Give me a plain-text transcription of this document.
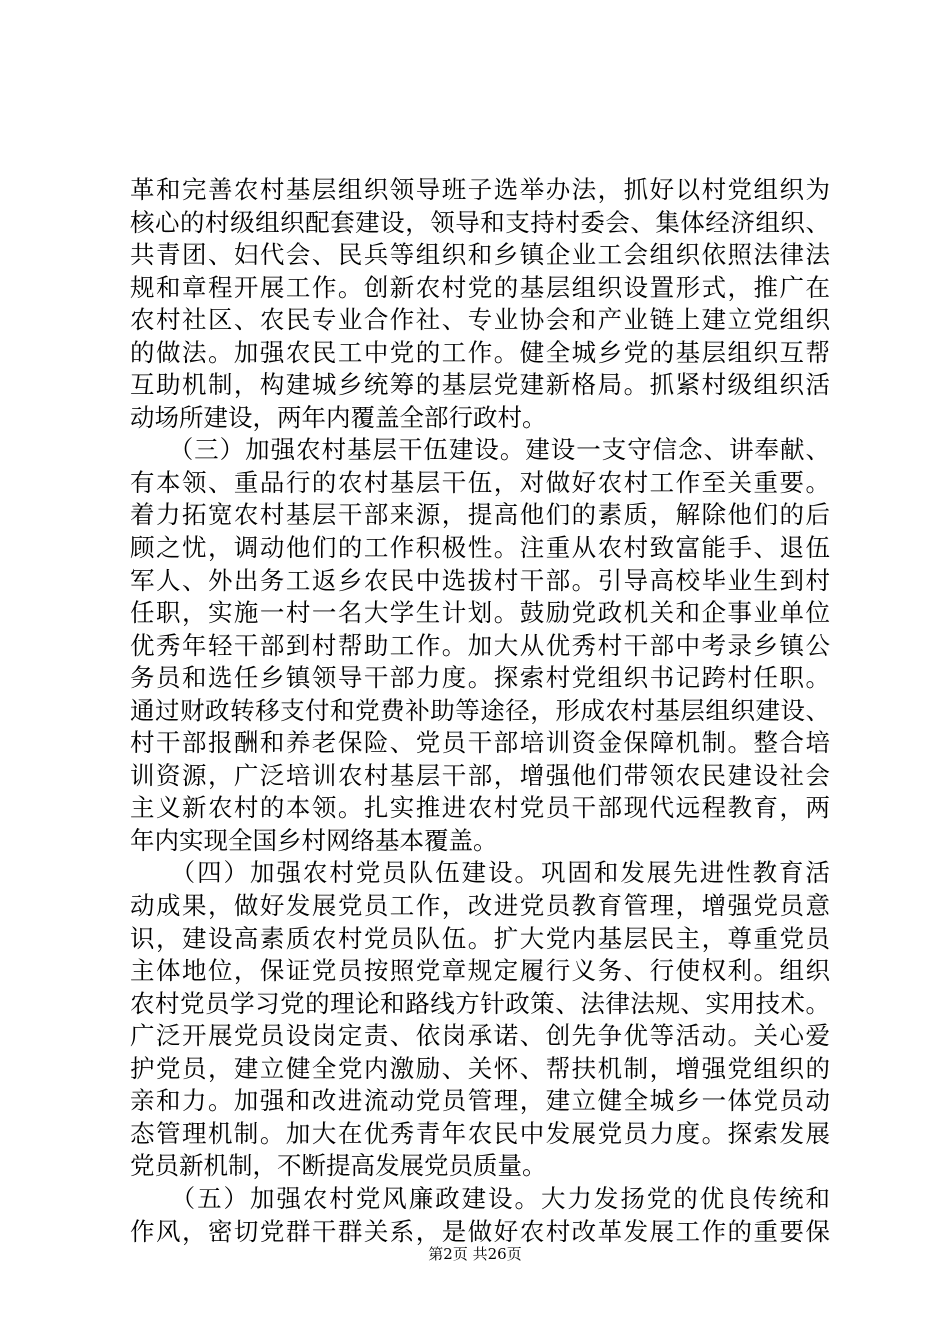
革和完善农村基层组织领导班子选举办法，抓好以村党组织为
核心的村级组织配套建设，领导和支持村委会、集体经济组织、
共青团、妇代会、民兵等组织和乡镇企业工会组织依照法律法
规和章程开展工作。创新农村党的基层组织设置形式，推广在
农村社区、农民专业合作社、专业协会和产业链上建立党组织
的做法。加强农民工中党的工作。健全城乡党的基层组织互帮
互助机制，构建城乡统筹的基层党建新格局。抓紧村级组织活
动场所建设，两年内覆盖全部行政村。
　　（三）加强农村基层干伍建设。建设一支守信念、讲奉献、
有本领、重品行的农村基层干伍，对做好农村工作至关重要。
着力拓宽农村基层干部来源，提高他们的素质，解除他们的后
顾之忧，调动他们的工作积极性。注重从农村致富能手、退伍
军人、外出务工返乡农民中选拔村干部。引导高校毕业生到村
任职，实施一村一名大学生计划。鼓励党政机关和企事业单位
优秀年轻干部到村帮助工作。加大从优秀村干部中考录乡镇公
务员和选任乡镇领导干部力度。探索村党组织书记跨村任职。
通过财政转移支付和党费补助等途径，形成农村基层组织建设、
村干部报酬和养老保险、党员干部培训资金保障机制。整合培
训资源，广泛培训农村基层干部，增强他们带领农民建设社会
主义新农村的本领。扎实推进农村党员干部现代远程教育，两
年内实现全国乡村网络基本覆盖。
　　（四）加强农村党员队伍建设。巩固和发展先进性教育活
动成果，做好发展党员工作，改进党员教育管理，增强党员意
识，建设高素质农村党员队伍。扩大党内基层民主，尊重党员
主体地位，保证党员按照党章规定履行义务、行使权利。组织
农村党员学习党的理论和路线方针政策、法律法规、实用技术。
广泛开展党员设岗定责、依岗承诺、创先争优等活动。关心爱
护党员，建立健全党内激励、关怀、帮扶机制，增强党组织的
亲和力。加强和改进流动党员管理，建立健全城乡一体党员动
态管理机制。加大在优秀青年农民中发展党员力度。探索发展
党员新机制，不断提高发展党员质量。
　　（五）加强农村党风廉政建设。大力发扬党的优良传统和
作风，密切党群干群关系，是做好农村改革发展工作的重要保
第2页 共26页
